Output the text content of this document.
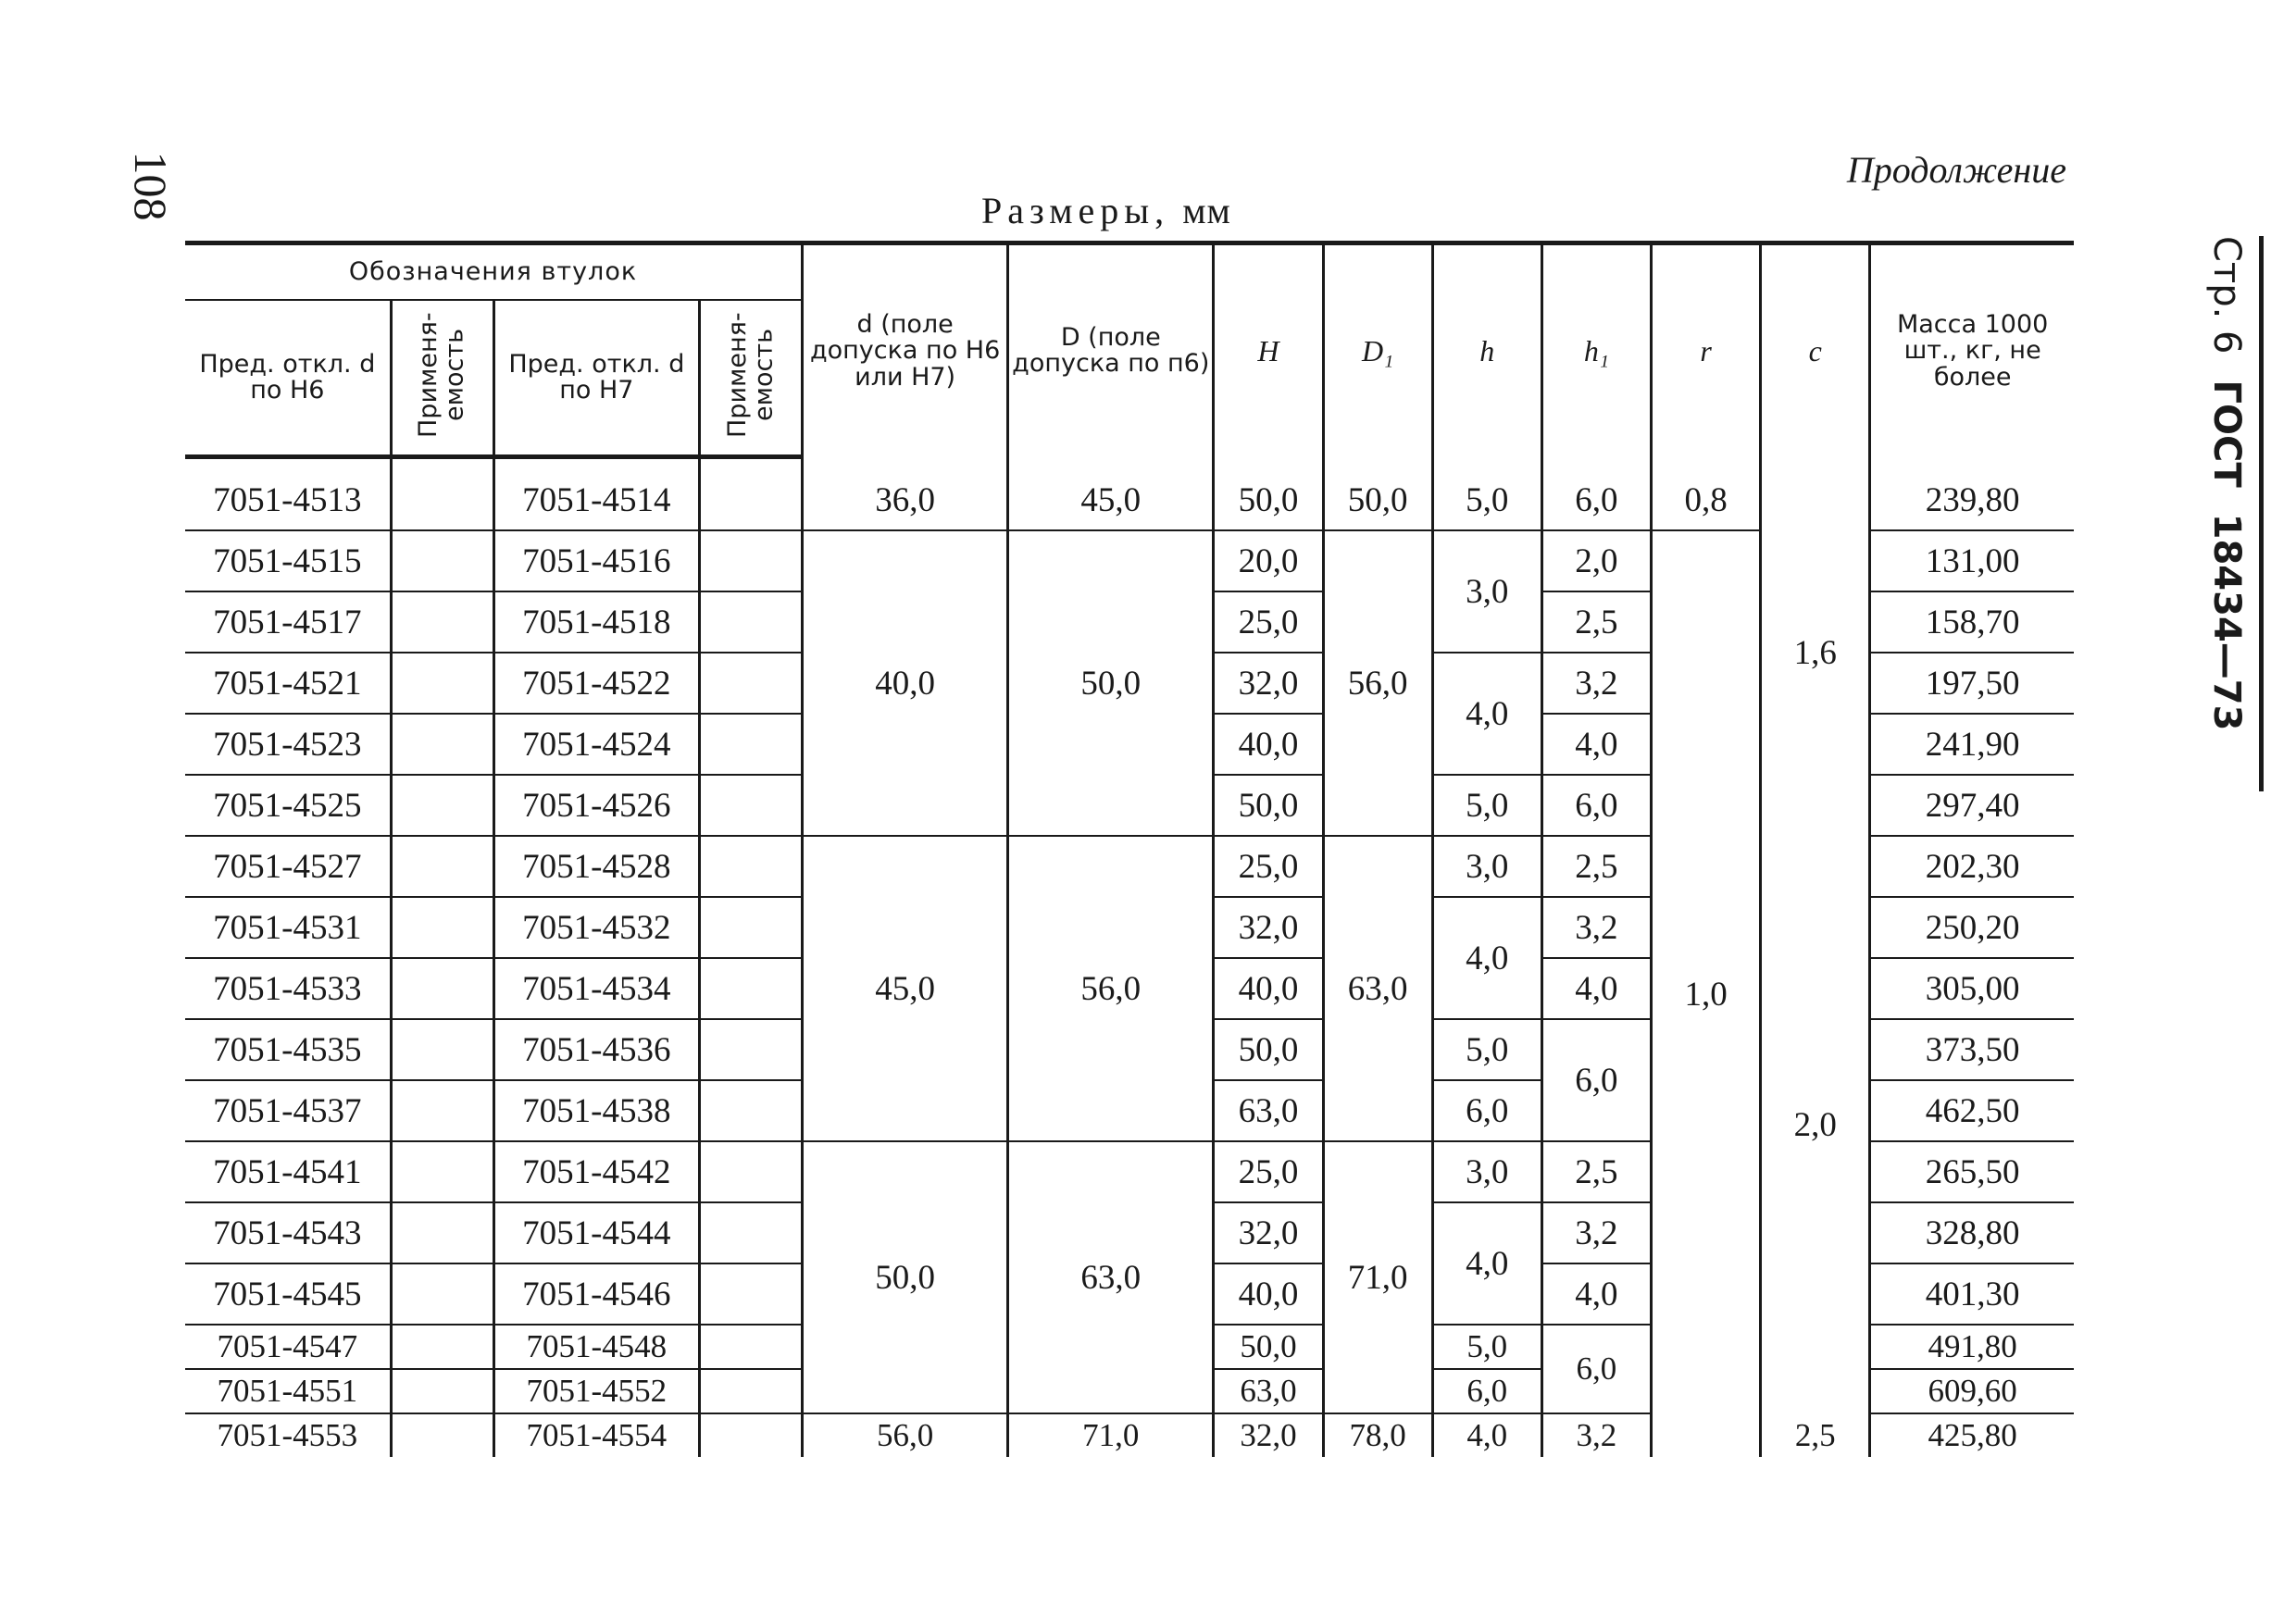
108	Продолжение
Стр. 6
ГОСТ
18434—73
Размеры, мм
Обозначения втулок				d (поле допуска по Н6 или Н7)	D (поле допуска по п6)	H	D₁	h	h₁	r	c	Масса 1000 шт., кг, не более
Пред. откл. d по Н6	Применя-емость	Пред. откл. d по Н7	Применя-емость									

7051-4513		7051-4514		36,0	45,0	50,0	50,0	5,0	6,0	0,8	1,6	239,80
7051-4515		7051-4516		40,0	50,0	20,0	56,0	3,0	2,0	1,0		131,00
7051-4517		7051-4518				25,0			2,5			158,70
7051-4521		7051-4522				32,0		4,0	3,2			197,50
7051-4523		7051-4524				40,0			4,0			241,90
7051-4525		7051-4526				50,0		5,0	6,0			297,40
7051-4527		7051-4528		45,0	56,0	25,0	63,0	3,0	2,5		2,0	202,30
7051-4531		7051-4532				32,0		4,0	3,2			250,20
7051-4533		7051-4534				40,0			4,0			305,00
7051-4535		7051-4536				50,0		5,0	6,0			373,50
7051-4537		7051-4538				63,0		6,0				462,50
7051-4541		7051-4542		50,0	63,0	25,0	71,0	3,0	2,5			265,50
7051-4543		7051-4544				32,0		4,0	3,2			328,80
7051-4545		7051-4546				40,0			4,0			401,30
7051-4547		7051-4548				50,0		5,0	6,0			491,80
7051-4551		7051-4552				63,0		6,0				609,60
7051-4553		7051-4554		56,0	71,0	32,0	78,0	4,0	3,2		2,5	425,80
